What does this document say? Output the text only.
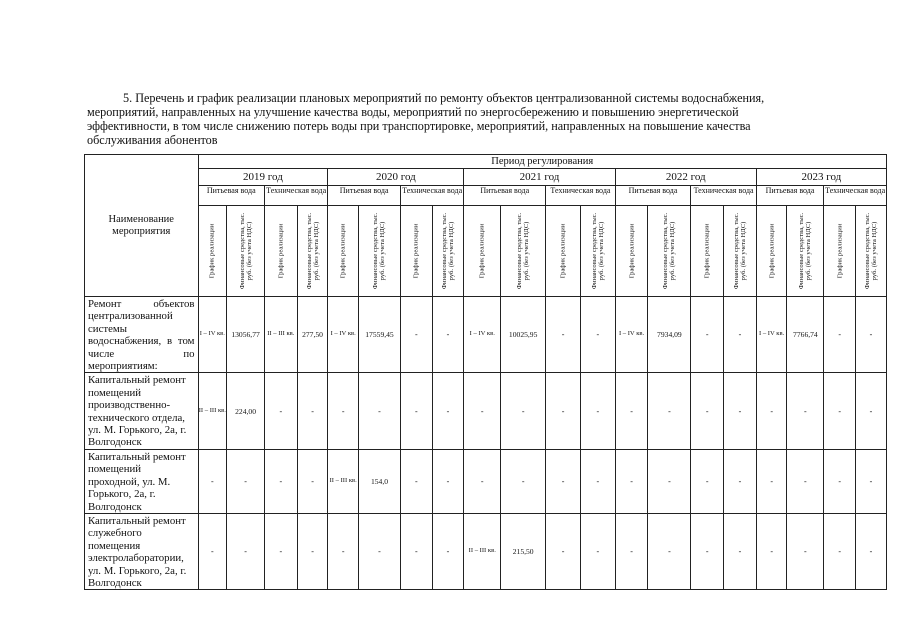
5. Перечень и график реализации плановых мероприятий по ремонту объектов централизованной системы водоснабжения,
мероприятий, направленных на улучшение качества воды, мероприятий по энергосбережению и повышению энергетической
эффективности, в том числе снижению потерь воды при транспортировке, мероприятий, направленных на повышение качества
обслуживания абонентов
Наименование мероприятия	Период регулирования																			
	2019 год				2020 год				2021 год				2022 год				2023 год			
	Питьевая вода		Техническая вода		Питьевая вода		Техническая вода		Питьевая вода		Техническая вода		Питьевая вода		Техническая вода		Питьевая вода		Техническая вода	

	График реализации	Финансовые средства, тыс. руб. (без учета НДС)	График реализации	Финансовые средства, тыс. руб. (без учета НДС)	График реализации	Финансовые средства, тыс. руб. (без учета НДС)	График реализации	Финансовые средства, тыс. руб. (без учета НДС)	График реализации	Финансовые средства, тыс. руб. (без учета НДС)	График реализации	Финансовые средства, тыс. руб. (без учета НДС)	График реализации	Финансовые средства, тыс. руб. (без учета НДС)	График реализации	Финансовые средства, тыс. руб. (без учета НДС)	График реализации	Финансовые средства, тыс. руб. (без учета НДС)	График реализации	Финансовые средства, тыс. руб. (без учета НДС)

Ремонт объектов централизованной системы водоснабжения, в том числе по мероприятиям:	I – IV кв.	13056,77	II – III кв.	277,50	I – IV кв.	17559,45	-	-	I – IV кв.	10025,95	-	-	I – IV кв.	7934,09	-	-	I – IV кв.	7766,74	-	-
Капитальный ремонт помещений производственно-технического отдела, ул. М. Горького, 2а, г. Волгодонск	II – III кв.	224,00	-	-	-	-	-	-	-	-	-	-	-	-	-	-	-	-	-	-
Капитальный ремонт помещений проходной, ул. М. Горького, 2а, г. Волгодонск	-	-	-	-	II – III кв.	154,0	-	-	-	-	-	-	-	-	-	-	-	-	-	-
Капитальный ремонт служебного помещения электролаборатории, ул. М. Горького, 2а, г. Волгодонск	-	-	-	-	-	-	-	-	II – III кв.	215,50	-	-	-	-	-	-	-	-	-	-
